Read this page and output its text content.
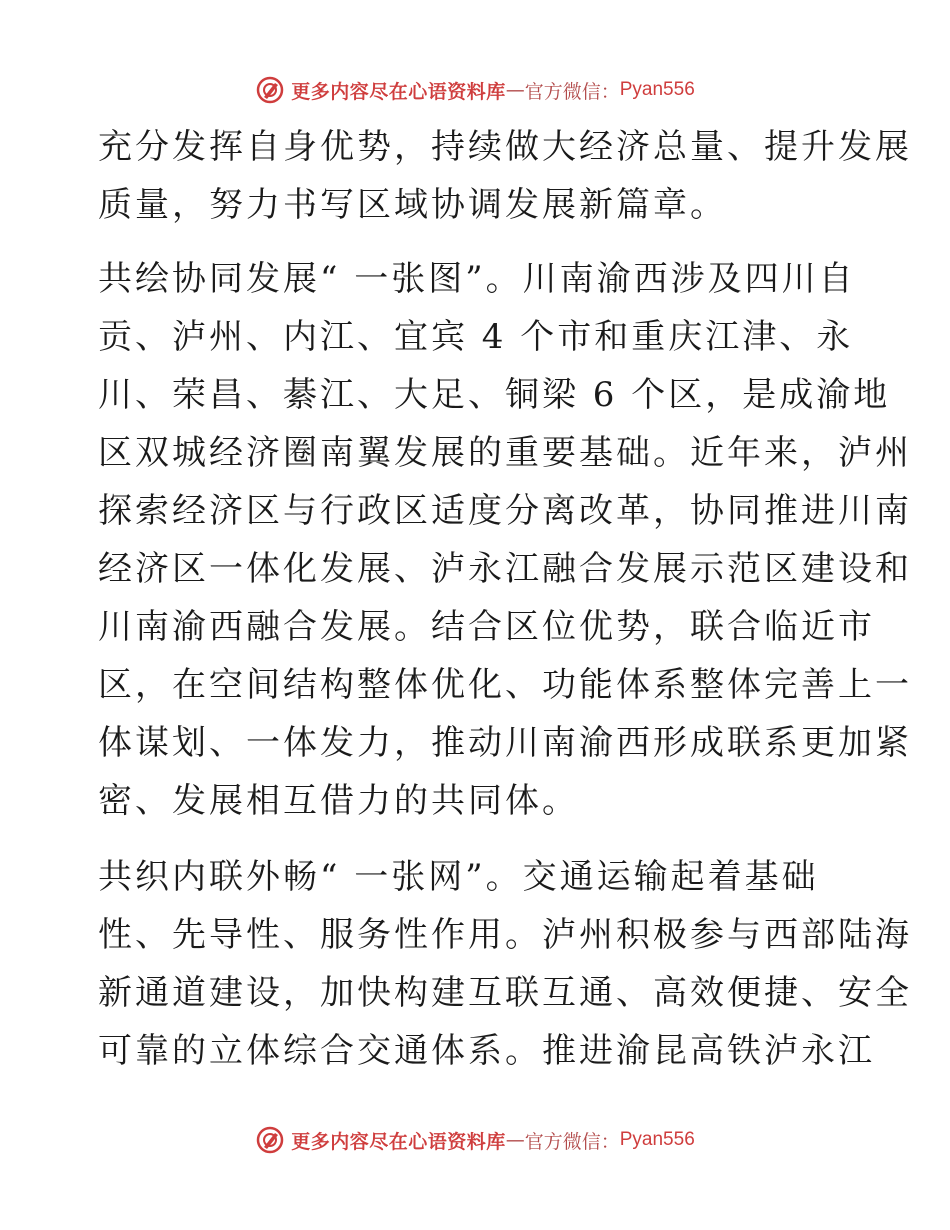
更多内容尽在心语资料库 — 官方微信： Pyan556
充分发挥自身优势，持续做大经济总量、提升发展
质量，努力书写区域协调发展新篇章。
共绘协同发展“ 一张图”。川南渝西涉及四川自
贡、泸州、内江、宜宾 4 个市和重庆江津、永
川、荣昌、綦江、大足、铜梁 6 个区，是成渝地
区双城经济圈南翼发展的重要基础。近年来，泸州
探索经济区与行政区适度分离改革，协同推进川南
经济区一体化发展、泸永江融合发展示范区建设和
川南渝西融合发展。结合区位优势，联合临近市
区，在空间结构整体优化、功能体系整体完善上一
体谋划、一体发力，推动川南渝西形成联系更加紧
密、发展相互借力的共同体。
共织内联外畅“ 一张网”。交通运输起着基础
性、先导性、服务性作用。泸州积极参与西部陆海
新通道建设，加快构建互联互通、高效便捷、安全
可靠的立体综合交通体系。推进渝昆高铁泸永江
更多内容尽在心语资料库 — 官方微信： Pyan556
